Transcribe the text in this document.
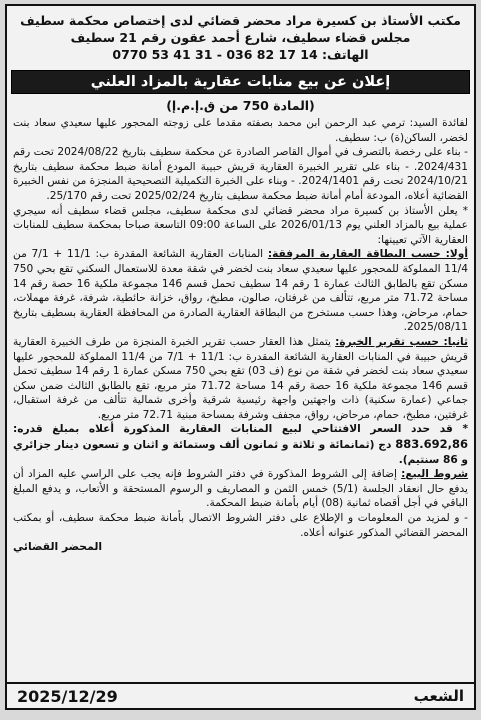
مكتب الأستاذ بن كسيرة مراد محضر قضائي لدى إختصاص محكمة سطيف
مجلس قضاء سطيف، شارع أحمد عقون رقم 21 سطيف
الهاتف: 0770 53 41 31 - 036 82 17 14
إعلان عن بيع منابات عقارية بالمزاد العلني
(المادة 750 من ق.إ.م.إ)

لفائدة السيد: ترمي عبد الرحمن ابن محمد بصفته مقدما على زوجته المحجور عليها سعيدي سعاد بنت لخضر، الساكن(ة) ب: سطيف.

- بناء على رخصة بالتصرف في أموال القاصر الصادرة عن محكمة سطيف بتاريخ 2024/08/22 تحت رقم 2024/431. - بناء على تقرير الخبيرة العقارية قريش حبيبة المودع أمانة ضبط محكمة سطيف بتاريخ 2024/10/21 تحت رقم 2024/1401. - وبناء على الخبرة التكميلية التصحيحية المنجزة من نفس الخبيرة القضائية أعلاه، المودعة أمام أمانة ضبط محكمة سطيف بتاريخ 2025/02/24 تحت رقم 25/170.

* يعلن الأستاذ بن كسيرة مراد محضر قضائي لدى محكمة سطيف، مجلس قضاء سطيف أنه سيجري عملية بيع بالمزاد العلني يوم 2026/01/13 على الساعة 09:00 التاسعة صباحا بمحكمة سطيف للمنابات العقارية الآتي تعيينها:

أولا: حسب البطاقة العقارية المرفقة: المنابات العقارية الشائعة المقدرة ب: 11/1 + 7/1 من 11/4 المملوكة للمحجور عليها سعيدي سعاد بنت لخضر في شقة معدة للاستعمال السكني تقع بحي 750 مسكن تقع بالطابق الثالث عمارة 1 رقم 14 سطيف تحمل قسم 146 مجموعة ملكية 16 حصة رقم 14 مساحة 71.72 متر مربع، تتألف من غرفتان، صالون، مطبخ، رواق، خزانة حائطية، شرفة، غرفة مهملات، حمام، مرحاض، وهذا حسب مستخرج من البطاقة العقارية الصادرة من المحافظة العقارية بسطيف بتاريخ 2025/08/11.

ثانيا: حسب تقرير الخبرة: يتمثل هذا العقار حسب تقرير الخبرة المنجزة من طرف الخبيرة العقارية قريش حبيبة في المنابات العقارية الشائعة المقدرة ب: 11/1 + 7/1 من 11/4 المملوكة للمحجور عليها سعيدي سعاد بنت لخضر في شقة من نوع (ف 03) تقع بحي 750 مسكن عمارة 1 رقم 14 سطيف تحمل قسم 146 مجموعة ملكية 16 حصة رقم 14 مساحة 71.72 متر مربع، تقع بالطابق الثالث ضمن سكن جماعي (عمارة سكنية) ذات واجهتين واجهة رئيسية شرقية وأخرى شمالية تتألف من غرفة استقبال، غرفتين، مطبخ، حمام، مرحاض، رواق، مجفف وشرفة بمساحة مبنية 72.71 متر مربع.

* قد حدد السعر الافتتاحي لبيع المنابات العقارية المذكورة أعلاه بمبلغ قدره: 883.692,86 دج (ثمانمائة و ثلاثة و ثمانون ألف وستمائة و اثنان و تسعون دينار جزائري و 86 سنتيم).

شروط البيع: إضافة إلى الشروط المذكورة في دفتر الشروط فإنه يجب على الراسي عليه المزاد أن يدفع حال انعقاد الجلسة (5/1) خمس الثمن و المصاريف و الرسوم المستحقة و الأتعاب، و يدفع المبلغ الباقي في أجل أقصاه ثمانية (08) أيام بأمانة ضبط المحكمة.

- و لمزيد من المعلومات و الإطلاع على دفتر الشروط الاتصال بأمانة ضبط محكمة سطيف، أو بمكتب المحضر القضائي المذكور عنوانه أعلاه.

المحضر القضائي
الشعب
2025/12/29
